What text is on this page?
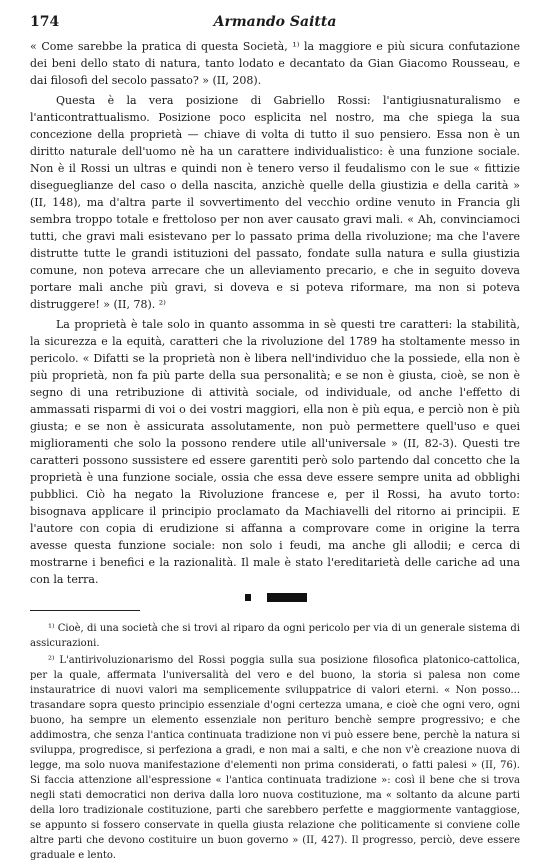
174	Armando Saitta

« Come sarebbe la pratica di questa Società, ¹⁾ la maggiore e più sicura confutazione dei beni dello stato di natura, tanto lodato e decantato da Gian Giacomo Rousseau, e dai filosofi del secolo passato? » (II, 208).

Questa è la vera posizione di Gabriello Rossi: l'antigiusnaturalismo e l'anticontrattualismo. Posizione poco esplicita nel nostro, ma che spiega la sua concezione della proprietà — chiave di volta di tutto il suo pensiero. Essa non è un diritto naturale dell'uomo nè ha un carattere individualistico: è una funzione sociale. Non è il Rossi un ultras e quindi non è tenero verso il feudalismo con le sue « fittizie disegueglianze del caso o della nascita, anzichè quelle della giustizia e della carità » (II, 148), ma d'altra parte il sovvertimento del vecchio ordine venuto in Francia gli sembra troppo totale e frettoloso per non aver causato gravi mali. « Ah, convinciamoci tutti, che gravi mali esistevano per lo passato prima della rivoluzione; ma che l'avere distrutte tutte le grandi istituzioni del passato, fondate sulla natura e sulla giustizia comune, non poteva arrecare che un alleviamento precario, e che in seguito doveva portare mali anche più gravi, si doveva e si poteva riformare, ma non si poteva distruggere! » (II, 78). ²⁾

La proprietà è tale solo in quanto assomma in sè questi tre caratteri: la stabilità, la sicurezza e la equità, caratteri che la rivoluzione del 1789 ha stoltamente messo in pericolo. « Difatti se la proprietà non è libera nell'individuo che la possiede, ella non è più proprietà, non fa più parte della sua personalità; e se non è giusta, cioè, se non è segno di una retribuzione di attività sociale, od individuale, od anche l'effetto di ammassati risparmi di voi o dei vostri maggiori, ella non è più equa, e perciò non è più giusta; e se non è assicurata assolutamente, non può permettere quell'uso e quei miglioramenti che solo la possono rendere utile all'universale » (II, 82-3). Questi tre caratteri possono sussistere ed essere garentiti però solo partendo dal concetto che la proprietà è una funzione sociale, ossia che essa deve essere sempre unita ad obblighi pubblici. Ciò ha negato la Rivoluzione francese e, per il Rossi, ha avuto torto: bisognava applicare il principio proclamato da Machiavelli del ritorno ai principii. E l'autore con copia di erudizione si affanna a comprovare come in origine la terra avesse questa funzione sociale: non solo i feudi, ma anche gli allodii; e cerca di mostrarne i benefici e la razionalità. Il male è stato l'ereditarietà delle cariche ad una con la terra.

¹⁾ Cioè, di una società che si trovi al riparo da ogni pericolo per via di un generale sistema di assicurazioni.

²⁾ L'antirivoluzionarismo del Rossi poggia sulla sua posizione filosofica platonico-cattolica, per la quale, affermata l'universalità del vero e del buono, la storia si palesa non come instauratrice di nuovi valori ma semplicemente sviluppatrice di valori eterni. « Non posso... trasandare sopra questo principio essenziale d'ogni certezza umana, e cioè che ogni vero, ogni buono, ha sempre un elemento essenziale non perituro benchè sempre progressivo; e che addimostra, che senza l'antica continuata tradizione non vi può essere bene, perchè la natura si sviluppa, progredisce, si perfeziona a gradi, e non mai a salti, e che non v'è creazione nuova di legge, ma solo nuova manifestazione d'elementi non prima considerati, o fatti palesi » (II, 76). Si faccia attenzione all'espressione « l'antica continuata tradizione »: così il bene che si trova negli stati democratici non deriva dalla loro nuova costituzione, ma « soltanto da alcune parti della loro tradizionale costituzione, parti che sarebbero perfette e maggiormente vantaggiose, se appunto si fossero conservate in quella giusta relazione che politicamente si conviene colle altre parti che devono costituire un buon governo » (II, 427). Il progresso, perciò, deve essere graduale e lento.
